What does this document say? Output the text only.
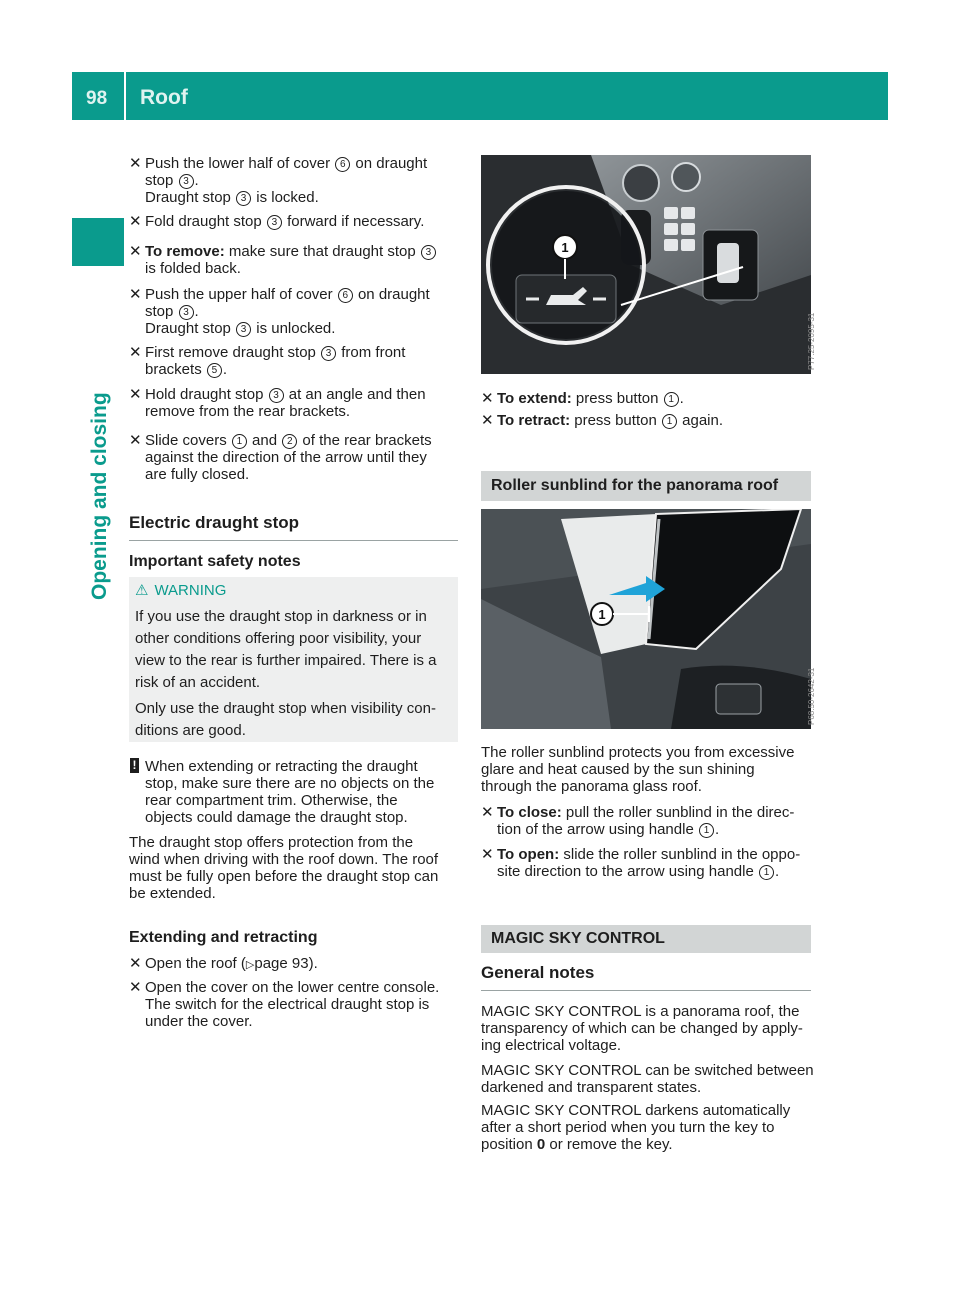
98 Roof
Opening and closing
✕ Push the lower half of cover 6 on draught
stop 3 .
Draught stop 3 is locked.
✕ Fold draught stop 3 forward if necessary.
✕ To remove: make sure that draught stop 3
is folded back.
✕ Push the upper half of cover 6 on draught
stop 3 .
Draught stop 3 is unlocked.
✕ First remove draught stop 3 from front
brackets 5 .
✕ Hold draught stop 3 at an angle and then
remove from the rear brackets.
✕ Slide covers 1 and 2 of the rear brackets
against the direction of the arrow until they
are fully closed.
Electric draught stop
Important safety notes
⚠ WARNING
If you use the draught stop in darkness or in
other conditions offering poor visibility, your
view to the rear is further impaired. There is a
risk of an accident.
Only use the draught stop when visibility con-
ditions are good.
! When extending or retracting the draught
stop, make sure there are no objects on the
rear compartment trim. Otherwise, the
objects could damage the draught stop.
The draught stop offers protection from the
wind when driving with the roof down. The roof
must be fully open before the draught stop can
be extended.
Extending and retracting
✕ Open the roof (▷page 93).
✕ Open the cover on the lower centre console.
The switch for the electrical draught stop is
under the cover.
1
P77.25-2095-31
✕ To extend: press button 1 .
✕ To retract: press button 1 again.
Roller sunblind for the panorama roof
1
P68.50-2642-31
The roller sunblind protects you from excessive
glare and heat caused by the sun shining
through the panorama glass roof.
✕ To close: pull the roller sunblind in the direc-
tion of the arrow using handle 1 .
✕ To open: slide the roller sunblind in the oppo-
site direction to the arrow using handle 1 .
MAGIC SKY CONTROL
General notes
MAGIC SKY CONTROL is a panorama roof, the
transparency of which can be changed by apply-
ing electrical voltage.
MAGIC SKY CONTROL can be switched between
darkened and transparent states.
MAGIC SKY CONTROL darkens automatically
after a short period when you turn the key to
position 0 or remove the key.
